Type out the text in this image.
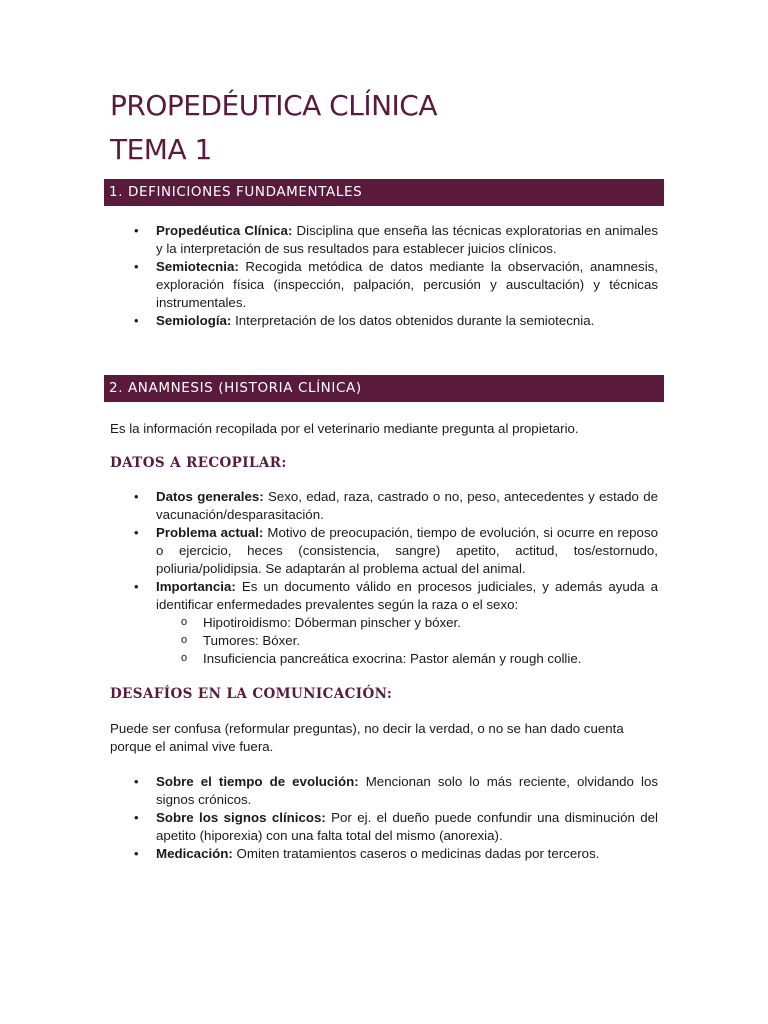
PROPEDÉUTICA CLÍNICA
TEMA 1
1. DEFINICIONES FUNDAMENTALES
• Propedéutica Clínica: Disciplina que enseña las técnicas exploratorias en animales y la interpretación de sus resultados para establecer juicios clínicos.
• Semiotecnia: Recogida metódica de datos mediante la observación, anamnesis, exploración física (inspección, palpación, percusión y auscultación) y técnicas instrumentales.
• Semiología: Interpretación de los datos obtenidos durante la semiotecnia.
2. ANAMNESIS (HISTORIA CLÍNICA)

Es la información recopilada por el veterinario mediante pregunta al propietario.

DATOS A RECOPILAR:
• Datos generales: Sexo, edad, raza, castrado o no, peso, antecedentes y estado de vacunación/desparasitación.
• Problema actual: Motivo de preocupación, tiempo de evolución, si ocurre en reposo o ejercicio, heces (consistencia, sangre) apetito, actitud, tos/estornudo, poliuria/polidipsia. Se adaptarán al problema actual del animal.
• Importancia: Es un documento válido en procesos judiciales, y además ayuda a identificar enfermedades prevalentes según la raza o el sexo:
o Hipotiroidismo: Dóberman pinscher y bóxer.
o Tumores: Bóxer.
o Insuficiencia pancreática exocrina: Pastor alemán y rough collie.
DESAFÍOS EN LA COMUNICACIÓN:

Puede ser confusa (reformular preguntas), no decir la verdad, o no se han dado cuenta porque el animal vive fuera.

• Sobre el tiempo de evolución: Mencionan solo lo más reciente, olvidando los signos crónicos.
• Sobre los signos clínicos: Por ej. el dueño puede confundir una disminución del apetito (hiporexia) con una falta total del mismo (anorexia).
• Medicación: Omiten tratamientos caseros o medicinas dadas por terceros.
